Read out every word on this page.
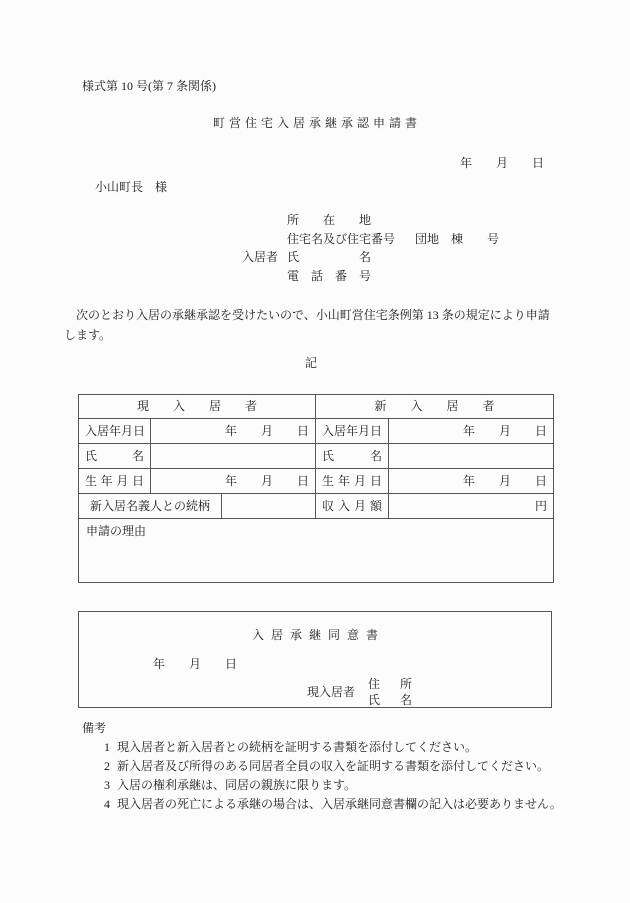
様式第 10 号(第 7 条関係)
町営住宅入居承継承認申請書
年　　月　　日
小山町長　様
所　　在　　地
住宅名及び住宅番号 団地　棟　　号
入居者 氏　　　　　名
電　話　番　号
　次のとおり入居の承継承認を受けたいので、小山町営住宅条例第 13 条の規定により申請
します。
記
現　入　居　者			新　入　居　者	
入居年月日	年　　月　　日		入居年月日	年　　月　　日
氏名			氏名	
生年月日	年　　月　　日		生年月日	年　　月　　日
新入居名義人との続柄			収入月額	円
申請の理由				
入居承継同意書
年　　月　　日
現入居者
住　所
氏　名
備考
1 現入居者と新入居者との続柄を証明する書類を添付してください。
2 新入居者及び所得のある同居者全員の収入を証明する書類を添付してください。
3 入居の権利承継は、同居の親族に限ります。
4 現入居者の死亡による承継の場合は、入居承継同意書欄の記入は必要ありません。
